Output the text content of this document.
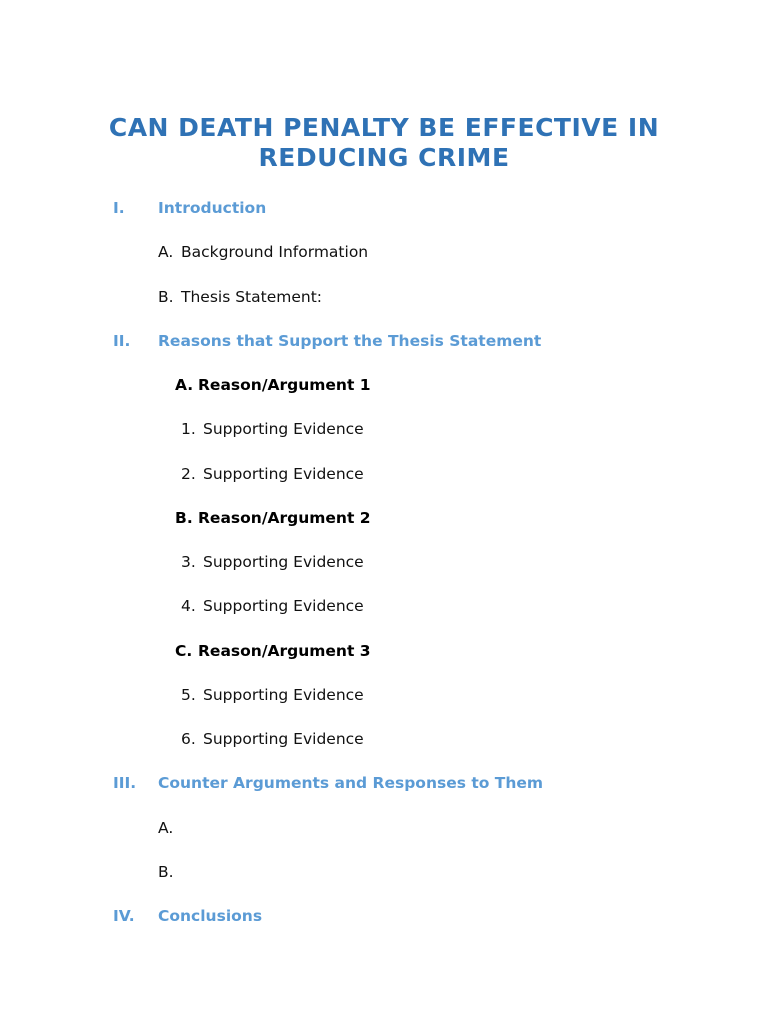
CAN DEATH PENALTY BE EFFECTIVE IN
REDUCING CRIME
I. Introduction
A. Background Information
B. Thesis Statement:
II. Reasons that Support the Thesis Statement
A. Reason/Argument 1
1. Supporting Evidence
2. Supporting Evidence
B. Reason/Argument 2
3. Supporting Evidence
4. Supporting Evidence
C. Reason/Argument 3
5. Supporting Evidence
6. Supporting Evidence
III. Counter Arguments and Responses to Them
A.
B.
IV. Conclusions
